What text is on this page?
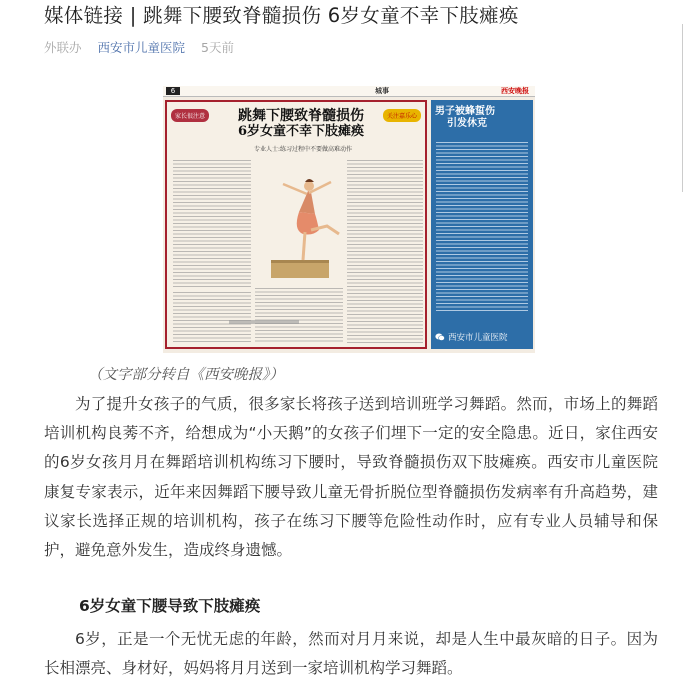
媒体链接 | 跳舞下腰致脊髓损伤 6岁女童不幸下肢瘫痪
外联办 西安市儿童医院 5天前
6	城事	西安晚报
家长很注意	关注嘉乐心
跳舞下腰致脊髓损伤
6岁女童不幸下肢瘫痪
专业人士:练习过程中不要做高难动作
男子被蜂蜇伤
引发休克
西安市儿童医院
（文字部分转自《西安晚报》）

为了提升女孩子的气质，很多家长将孩子送到培训班学习舞蹈。然而，市场上的舞蹈培训机构良莠不齐，给想成为“小天鹅”的女孩子们埋下一定的安全隐患。近日，家住西安的6岁女孩月月在舞蹈培训机构练习下腰时，导致脊髓损伤双下肢瘫痪。西安市儿童医院康复专家表示，近年来因舞蹈下腰导致儿童无骨折脱位型脊髓损伤发病率有升高趋势，建议家长选择正规的培训机构，孩子在练习下腰等危险性动作时，应有专业人员辅导和保护，避免意外发生，造成终身遗憾。

6岁女童下腰导致下肢瘫痪

6岁，正是一个无忧无虑的年龄，然而对月月来说，却是人生中最灰暗的日子。因为长相漂亮、身材好，妈妈将月月送到一家培训机构学习舞蹈。
